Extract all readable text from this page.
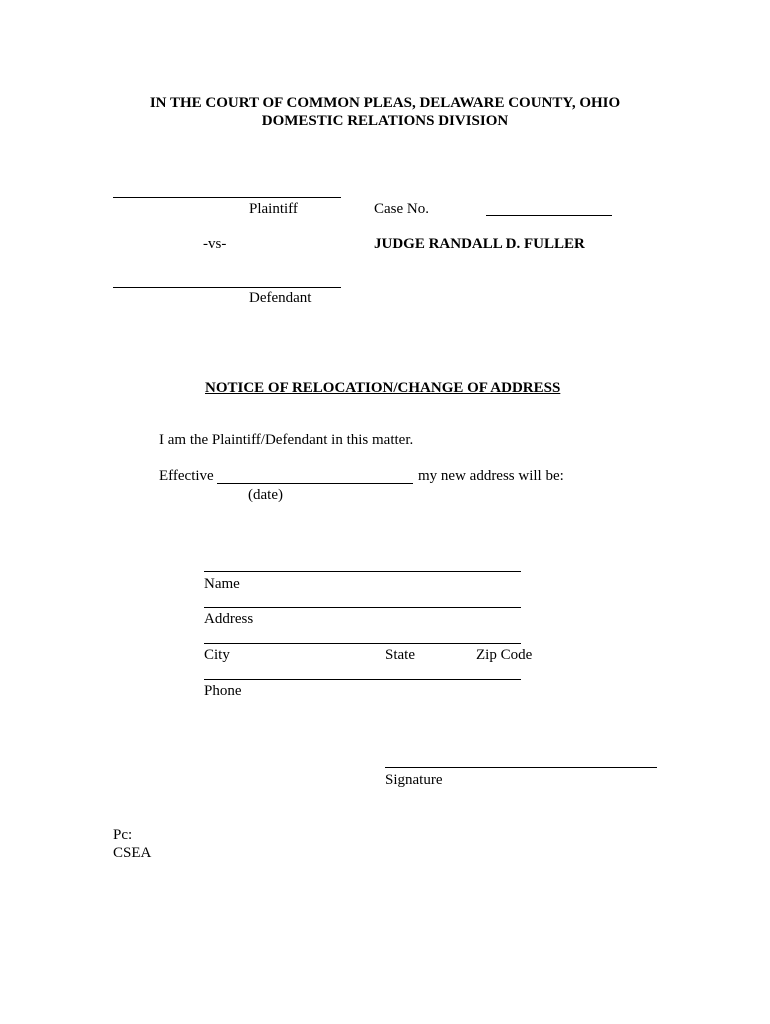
IN THE COURT OF COMMON PLEAS, DELAWARE COUNTY, OHIO
DOMESTIC RELATIONS DIVISION
Plaintiff	Case No.
-vs-	JUDGE RANDALL D. FULLER
Defendant
NOTICE OF RELOCATION/CHANGE OF ADDRESS
I am the Plaintiff/Defendant in this matter.
Effective	my new address will be:
(date)
Name
Address
City	State	Zip Code
Phone
Signature
Pc:
CSEA
